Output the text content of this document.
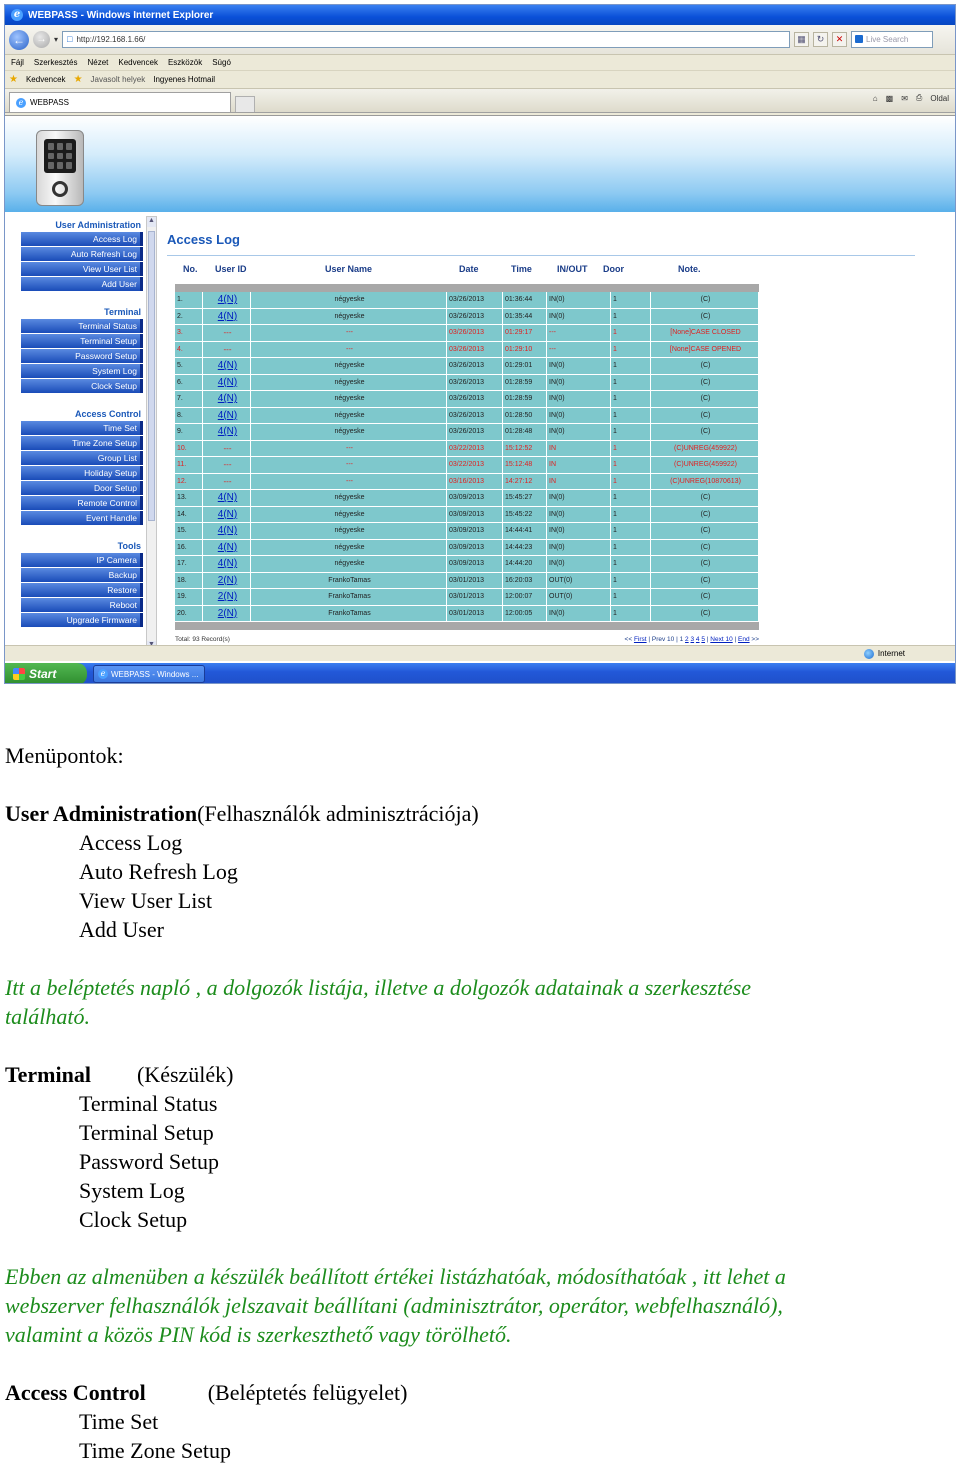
e WEBPASS - Windows Internet Explorer
←	→ ▾ □ http://192.168.1.66/	▦	↻	✕	Live Search
Fájl Szerkesztés Nézet Kedvencek Eszközök Súgó
★ Kedvencek ★ Javasolt helyek Ingyenes Hotmail
e WEBPASS	⌂ ▩ ✉ ⎙ Oldal
User Administration
Access Log
Auto Refresh Log
View User List
Add User
Terminal
Terminal Status
Terminal Setup
Password Setup
System Log
Clock Setup
Access Control
Time Set
Time Zone Setup
Group List
Holiday Setup
Door Setup
Remote Control
Event Handle
Tools
IP Camera
Backup
Restore
Reboot
Upgrade Firmware
▲
Access Log
No.	User ID	User Name	Date	Time	IN/OUT	Door	Note.
1.	4(N)	négyeske	03/26/2013	01:36:44	IN(0)	1	(C)
2.	4(N)	négyeske	03/26/2013	01:35:44	IN(0)	1	(C)
3.	---	---	03/26/2013	01:29:17	---	1	[None]CASE CLOSED
4.	---	---	03/26/2013	01:29:10	---	1	[None]CASE OPENED
5.	4(N)	négyeske	03/26/2013	01:29:01	IN(0)	1	(C)
6.	4(N)	négyeske	03/26/2013	01:28:59	IN(0)	1	(C)
7.	4(N)	négyeske	03/26/2013	01:28:59	IN(0)	1	(C)
8.	4(N)	négyeske	03/26/2013	01:28:50	IN(0)	1	(C)
9.	4(N)	négyeske	03/26/2013	01:28:48	IN(0)	1	(C)
10.	---	---	03/22/2013	15:12:52	IN	1	(C)UNREG(459922)
11.	---	---	03/22/2013	15:12:48	IN	1	(C)UNREG(459922)
12.	---	---	03/16/2013	14:27:12	IN	1	(C)UNREG(10870613)
13.	4(N)	négyeske	03/09/2013	15:45:27	IN(0)	1	(C)
14.	4(N)	négyeske	03/09/2013	15:45:22	IN(0)	1	(C)
15.	4(N)	négyeske	03/09/2013	14:44:41	IN(0)	1	(C)
16.	4(N)	négyeske	03/09/2013	14:44:23	IN(0)	1	(C)
17.	4(N)	négyeske	03/09/2013	14:44:20	IN(0)	1	(C)
18.	2(N)	FrankoTamas	03/01/2013	16:20:03	OUT(0)	1	(C)
19.	2(N)	FrankoTamas	03/01/2013	12:00:07	OUT(0)	1	(C)
20.	2(N)	FrankoTamas	03/01/2013	12:00:05	IN(0)	1	(C)
Total: 93 Record(s)	<< First | Prev 10 | 1 2 3 4 5 | Next 10 | End >>
Internet
Start	e WEBPASS - Windows ...
Menüpontok:
User Administration(Felhasználók adminisztrációja)
Access Log
Auto Refresh Log
View User List
Add User
Itt a beléptetés napló , a dolgozók listája, illetve a dolgozók adatainak a szerkesztése
található.
Terminal (Készülék)
Terminal Status
Terminal Setup
Password Setup
System Log
Clock Setup
Ebben az almenüben a készülék beállított értékei listázhatóak, módosíthatóak , itt lehet a
webszerver felhasználók jelszavait beállítani (adminisztrátor, operátor, webfelhasználó),
valamint a közös PIN kód is szerkeszthető vagy törölhető.
Access Control	(Beléptetés felügyelet)
Time Set
Time Zone Setup
